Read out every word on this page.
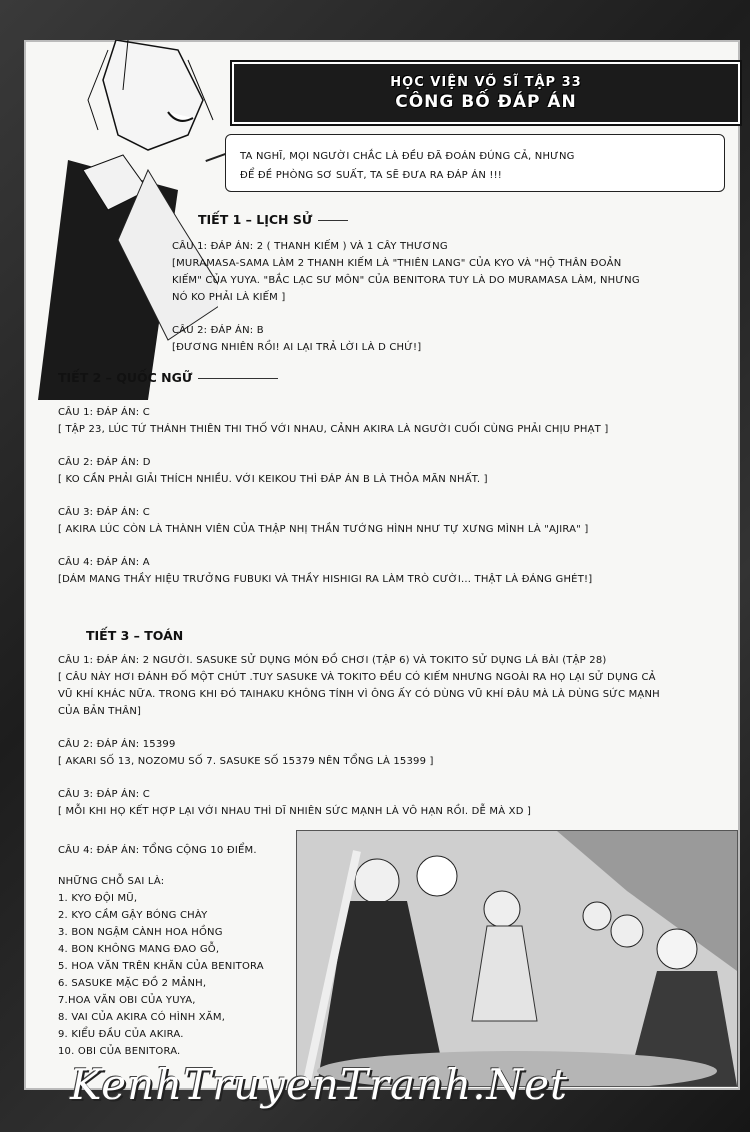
HỌC VIỆN VÕ SĨ TẬP 33
CÔNG BỐ ĐÁP ÁN
TA NGHĨ, MỌI NGƯỜI CHẮC LÀ ĐỀU ĐÃ ĐOÁN ĐÚNG CẢ, NHƯNG
ĐỂ ĐỀ PHÒNG SƠ SUẤT, TA SẼ ĐƯA RA ĐÁP ÁN !!!
TIẾT 1 – LỊCH SỬ

CÂU 1: ĐÁP ÁN: 2 ( THANH KIẾM ) VÀ 1 CÂY THƯƠNG

[MURAMASA-SAMA LÀM 2 THANH KIẾM LÀ "THIÊN LANG" CỦA KYO VÀ "HỘ THÂN ĐOẢN

KIẾM" CỦA YUYA. "BẮC LẠC SƯ MÔN" CỦA BENITORA TUY LÀ DO MURAMASA LÀM, NHƯNG

NÓ KO PHẢI LÀ KIẾM ]

CÂU 2: ĐÁP ÁN: B

[ĐƯƠNG NHIÊN RỒI! AI LẠI TRẢ LỜI LÀ D CHỨ!]

TIẾT 2 – QUỐC NGỮ

CÂU 1: ĐÁP ÁN: C

[ TẬP 23, LÚC TỨ THÁNH THIÊN THI THỐ VỚI NHAU, CẢNH AKIRA LÀ NGƯỜI CUỐI CÙNG PHẢI CHỊU PHẠT ]

CÂU 2: ĐÁP ÁN: D

[ KO CẦN PHẢI GIẢI THÍCH NHIỀU. VỚI KEIKOU THÌ ĐÁP ÁN B LÀ THỎA MÃN NHẤT. ]

CÂU 3: ĐÁP ÁN: C

[ AKIRA LÚC CÒN LÀ THÀNH VIÊN CỦA THẬP NHỊ THẦN TƯỚNG HÌNH NHƯ TỰ XƯNG MÌNH LÀ "AJIRA" ]

CÂU 4: ĐÁP ÁN: A

[DÁM MANG THẦY HIỆU TRƯỞNG FUBUKI VÀ THẦY HISHIGI RA LÀM TRÒ CƯỜI... THẬT LÀ ĐÁNG GHÉT!]

TIẾT 3 – TOÁN

CÂU 1: ĐÁP ÁN: 2 NGƯỜI. SASUKE SỬ DỤNG MÓN ĐỒ CHƠI (TẬP 6) VÀ TOKITO SỬ DỤNG LÁ BÀI (TẬP 28)

[ CÂU NÀY HƠI ĐÁNH ĐỐ MỘT CHÚT .TUY SASUKE VÀ TOKITO ĐỀU CÓ KIẾM NHƯNG NGOÀI RA HỌ LẠI SỬ DỤNG CẢ

VŨ KHÍ KHÁC NỮA. TRONG KHI ĐÓ TAIHAKU KHÔNG TÍNH VÌ ÔNG ẤY CÓ DÙNG VŨ KHÍ ĐÂU MÀ LÀ DÙNG SỨC MẠNH

CỦA BẢN THÂN]

CÂU 2: ĐÁP ÁN: 15399

[ AKARI SỐ 13, NOZOMU SỐ 7. SASUKE SỐ 15379 NÊN TỔNG LÀ 15399 ]

CÂU 3: ĐÁP ÁN: C

[ MỖI KHI HỌ KẾT HỢP LẠI VỚI NHAU THÌ DĨ NHIÊN SỨC MẠNH LÀ VÔ HẠN RỒI. DỄ MÀ XD ]

CÂU 4: ĐÁP ÁN: TỔNG CỘNG 10 ĐIỂM.

NHỮNG CHỖ SAI LÀ:

1. KYO ĐỘI MŨ,

2. KYO CẦM GẬY BÓNG CHÀY

3. BON NGẬM CÀNH HOA HỒNG

4. BON KHÔNG MANG ĐAO GỖ,

5. HOA VĂN TRÊN KHĂN CỦA BENITORA

6. SASUKE MẶC ĐỒ 2 MẢNH,

7.HOA VĂN OBI CỦA YUYA,

8. VAI CỦA AKIRA CÓ HÌNH XĂM,

9. KIỂU ĐẦU CỦA AKIRA.

10. OBI CỦA BENITORA.

KenhTruyenTranh.Net
